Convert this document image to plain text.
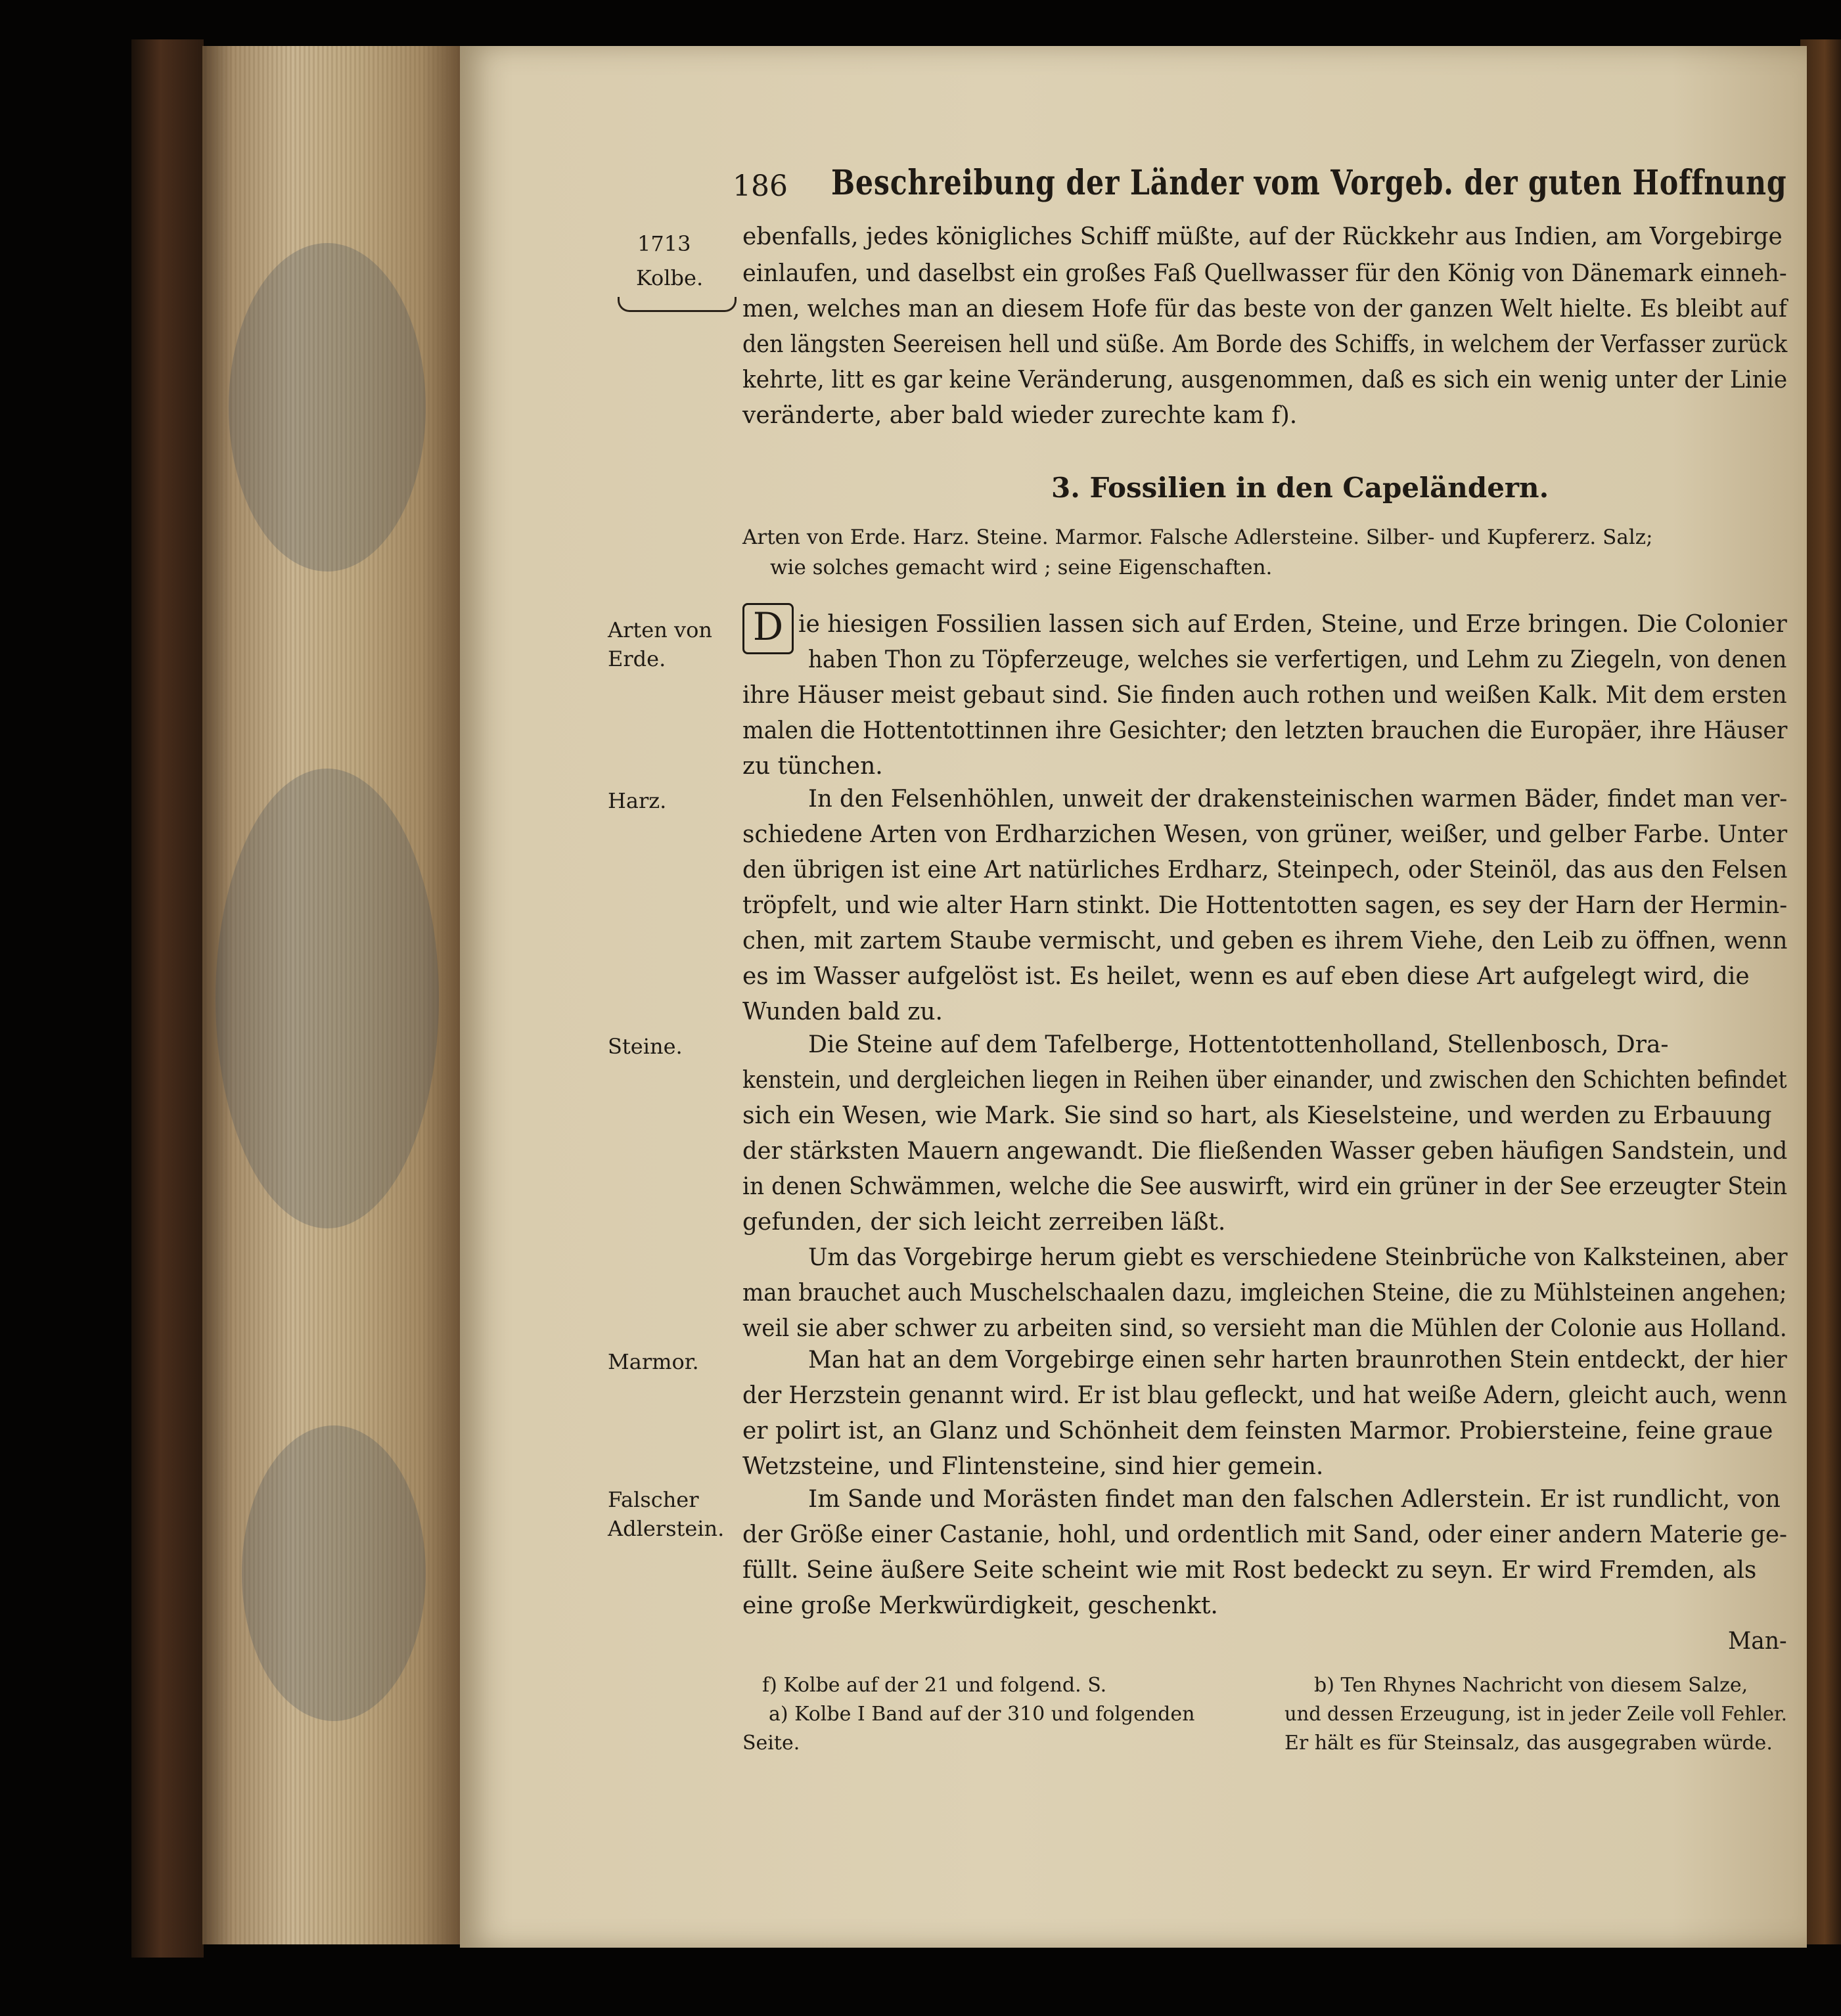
186 Beschreibung der Länder vom Vorgeb. der guten Hoffnung
1713
Kolbe.
ebenfalls, jedes königliches Schiff müßte, auf der Rückkehr aus Indien, am Vorgebirge
einlaufen, und daselbst ein großes Faß Quellwasser für den König von Dänemark einneh-
men, welches man an diesem Hofe für das beste von der ganzen Welt hielte. Es bleibt auf
den längsten Seereisen hell und süße. Am Borde des Schiffs, in welchem der Verfasser zurück
kehrte, litt es gar keine Veränderung, ausgenommen, daß es sich ein wenig unter der Linie
veränderte, aber bald wieder zurechte kam f).
3. Fossilien in den Capeländern.
Arten von Erde. Harz. Steine. Marmor. Falsche Adlersteine. Silber- und Kupfererz. Salz;
wie solches gemacht wird ; seine Eigenschaften.
Arten von
Erde.
D ie hiesigen Fossilien lassen sich auf Erden, Steine, und Erze bringen. Die Colonier
haben Thon zu Töpferzeuge, welches sie verfertigen, und Lehm zu Ziegeln, von denen
ihre Häuser meist gebaut sind. Sie finden auch rothen und weißen Kalk. Mit dem ersten
malen die Hottentottinnen ihre Gesichter; den letzten brauchen die Europäer, ihre Häuser
zu tünchen.
Harz.	In den Felsenhöhlen, unweit der drakensteinischen warmen Bäder, findet man ver-
schiedene Arten von Erdharzichen Wesen, von grüner, weißer, und gelber Farbe. Unter
den übrigen ist eine Art natürliches Erdharz, Steinpech, oder Steinöl, das aus den Felsen
tröpfelt, und wie alter Harn stinkt. Die Hottentotten sagen, es sey der Harn der Hermin-
chen, mit zartem Staube vermischt, und geben es ihrem Viehe, den Leib zu öffnen, wenn
es im Wasser aufgelöst ist. Es heilet, wenn es auf eben diese Art aufgelegt wird, die
Wunden bald zu.
Steine.	Die Steine auf dem Tafelberge, Hottentottenholland, Stellenbosch, Dra-
kenstein, und dergleichen liegen in Reihen über einander, und zwischen den Schichten befindet
sich ein Wesen, wie Mark. Sie sind so hart, als Kieselsteine, und werden zu Erbauung
der stärksten Mauern angewandt. Die fließenden Wasser geben häufigen Sandstein, und
in denen Schwämmen, welche die See auswirft, wird ein grüner in der See erzeugter Stein
gefunden, der sich leicht zerreiben läßt.
Um das Vorgebirge herum giebt es verschiedene Steinbrüche von Kalksteinen, aber
man brauchet auch Muschelschaalen dazu, imgleichen Steine, die zu Mühlsteinen angehen;
weil sie aber schwer zu arbeiten sind, so versieht man die Mühlen der Colonie aus Holland.
Marmor.	Man hat an dem Vorgebirge einen sehr harten braunrothen Stein entdeckt, der hier
der Herzstein genannt wird. Er ist blau gefleckt, und hat weiße Adern, gleicht auch, wenn
er polirt ist, an Glanz und Schönheit dem feinsten Marmor. Probiersteine, feine graue
Wetzsteine, und Flintensteine, sind hier gemein.
Falscher
Adlerstein.
Im Sande und Morästen findet man den falschen Adlerstein. Er ist rundlicht, von
der Größe einer Castanie, hohl, und ordentlich mit Sand, oder einer andern Materie ge-
füllt. Seine äußere Seite scheint wie mit Rost bedeckt zu seyn. Er wird Fremden, als
eine große Merkwürdigkeit, geschenkt.
Man-
f) Kolbe auf der 21 und folgend. S.
a) Kolbe I Band auf der 310 und folgenden
Seite.
b) Ten Rhynes Nachricht von diesem Salze,
und dessen Erzeugung, ist in jeder Zeile voll Fehler.
Er hält es für Steinsalz, das ausgegraben würde.
